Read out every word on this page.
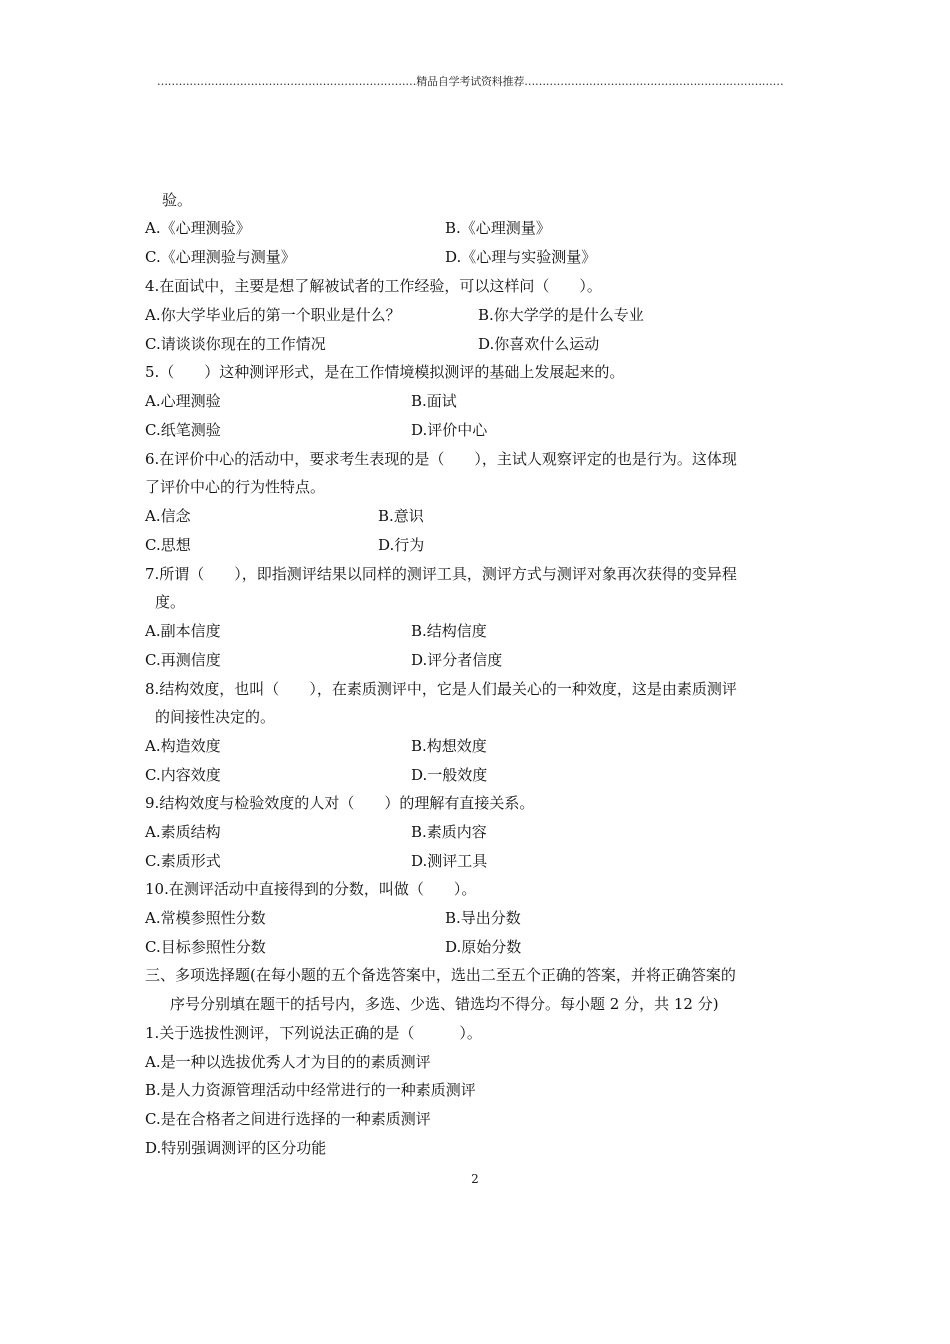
………………………………………………………………精品自学考试资料推荐………………………………………………………………
验。
A.《心理测验》	B.《心理测量》
C.《心理测验与测量》	D.《心理与实验测量》
4.在面试中，主要是想了解被试者的工作经验，可以这样问（　　）。
A.你大学毕业后的第一个职业是什么？	B.你大学学的是什么专业
C.请谈谈你现在的工作情况	D.你喜欢什么运动
5.（　　）这种测评形式，是在工作情境模拟测评的基础上发展起来的。
A.心理测验	B.面试
C.纸笔测验	D.评价中心
6.在评价中心的活动中，要求考生表现的是（　　），主试人观察评定的也是行为。这体现
了评价中心的行为性特点。
A.信念	B.意识
C.思想	D.行为
7.所谓（　　），即指测评结果以同样的测评工具，测评方式与测评对象再次获得的变异程
度。
A.副本信度	B.结构信度
C.再测信度	D.评分者信度
8.结构效度，也叫（　　），在素质测评中，它是人们最关心的一种效度，这是由素质测评
的间接性决定的。
A.构造效度	B.构想效度
C.内容效度	D.一般效度
9.结构效度与检验效度的人对（　　）的理解有直接关系。
A.素质结构	B.素质内容
C.素质形式	D.测评工具
10.在测评活动中直接得到的分数，叫做（　　）。
A.常模参照性分数	B.导出分数
C.目标参照性分数	D.原始分数
三、多项选择题(在每小题的五个备选答案中，选出二至五个正确的答案，并将正确答案的
序号分别填在题干的括号内，多选、少选、错选均不得分。每小题 2 分，共 12 分)
1.关于选拔性测评，下列说法正确的是（　　　）。
A.是一种以选拔优秀人才为目的的素质测评
B.是人力资源管理活动中经常进行的一种素质测评
C.是在合格者之间进行选择的一种素质测评
D.特别强调测评的区分功能
2
